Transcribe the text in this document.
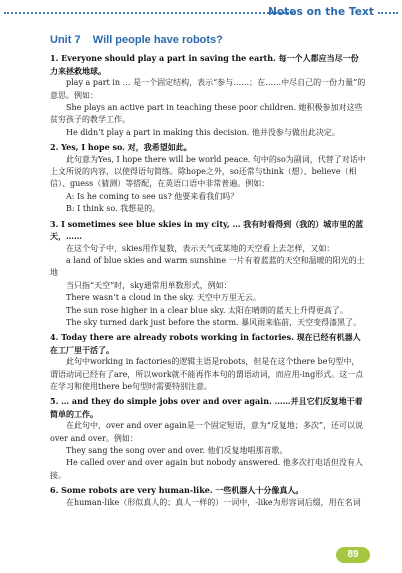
Notes on the Text
Unit 7 Will people have robots?
1. Everyone should play a part in saving the earth. 每一个人都应当尽一份力来拯救地球。
play a part in … 是一个固定结构，表示“参与……；在……中尽自己的一份力量”的意思。例如：
She plays an active part in teaching these poor children. 她积极参加对这些贫穷孩子的教学工作。
He didn’t play a part in making this decision. 他并没参与做出此决定。
2. Yes, I hope so. 对，我希望如此。
此句意为Yes, I hope there will be world peace. 句中的so为副词，代替了对话中上文所说的内容，以使得语句简练。除hope之外，so还常与think（想）、believe（相信）、guess（猜测）等搭配，在英语口语中非常普遍。例如：
A: Is he coming to see us? 他要来看我们吗？
B: I think so. 我想是的。
3. I sometimes see blue skies in my city, … 我有时看得到（我的）城市里的蓝天，……
在这个句子中，skies用作复数，表示天气或某地的天空看上去怎样，又如：
a land of blue skies and warm sunshine 一片有着蓝蓝的天空和温暖的阳光的土地
当只指“天空”时，sky通常用单数形式，例如：
There wasn’t a cloud in the sky. 天空中万里无云。
The sun rose higher in a clear blue sky. 太阳在晴朗的蓝天上升得更高了。
The sky turned dark just before the storm. 暴风雨来临前，天空变得漆黑了。
4. Today there are already robots working in factories. 现在已经有机器人在工厂里干活了。
此句中working in factories的逻辑主语是robots，但是在这个there be句型中，谓语动词已经有了are，所以work就不能再作本句的谓语动词，而应用-ing形式。这一点在学习和使用there be句型时需要特别注意。
5. … and they do simple jobs over and over again. ……并且它们反复地干着简单的工作。
在此句中，over and over again是一个固定短语，意为“反复地；多次”，还可以说over and over。例如：
They sang the song over and over. 他们反复地唱那首歌。
He called over and over again but nobody answered. 他多次打电话但没有人接。
6. Some robots are very human-like. 一些机器人十分像真人。
在human-like（形似真人的；真人一样的）一词中，-like为形容词后缀，用在名词
89
